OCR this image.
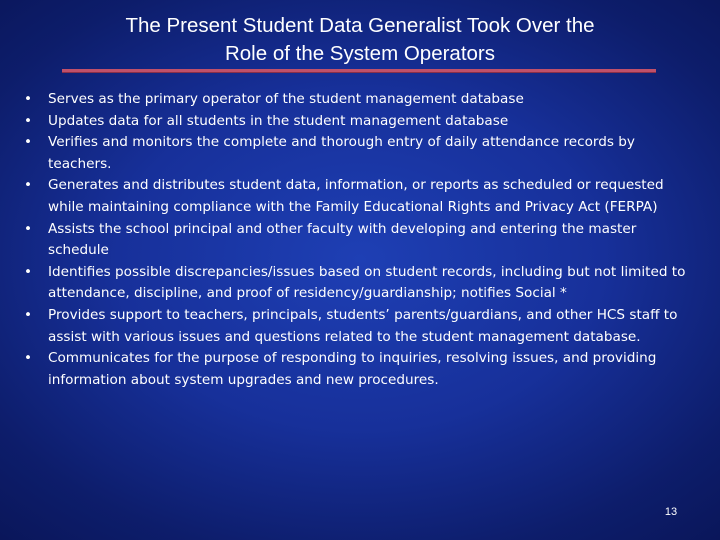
The Present Student Data Generalist Took Over the
Role of the System Operators
•	Serves as the primary operator of the student management database
•	Updates data for all students in the student management database
•	Verifies and monitors the complete and thorough entry of daily attendance records by teachers.
•	Generates and distributes student data, information, or reports as scheduled or requested while maintaining compliance with the Family Educational Rights and Privacy Act (FERPA)
•	Assists the school principal and other faculty with developing and entering the master schedule
•	Identifies possible discrepancies/issues based on student records, including but not limited to attendance, discipline, and proof of residency/guardianship; notifies Social *
•	Provides support to teachers, principals, students’ parents/guardians, and other HCS staff to assist with various issues and questions related to the student management database.
•	Communicates for the purpose of responding to inquiries, resolving issues, and providing information about system upgrades and new procedures.
13
